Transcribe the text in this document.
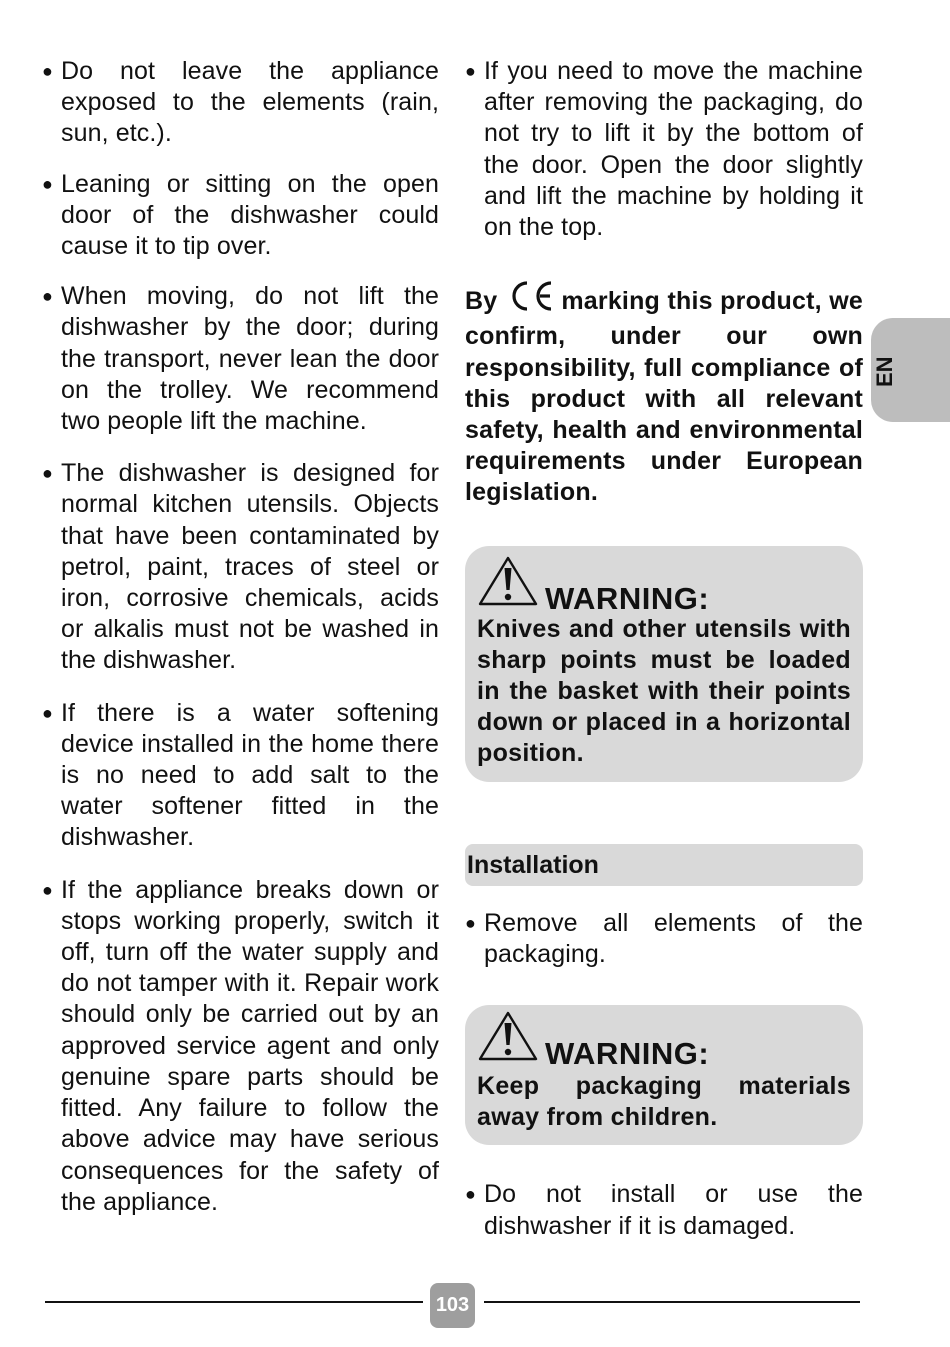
● Do not leave the appliance exposed to the elements (rain, sun, etc.).

● Leaning or sitting on the open door of the dishwasher could cause it to tip over.

● When moving, do not lift the dishwasher by the door; during the transport, never lean the door on the trolley. We recommend two people lift the machine.

● The dishwasher is designed for normal kitchen utensils. Objects that have been contaminated by petrol, paint, traces of steel or iron, corrosive chemicals, acids or alkalis must not be washed in the dishwasher.

● If there is a water softening device installed in the home there is no need to add salt to the water softener fitted in the dishwasher.

● If the appliance breaks down or stops working properly, switch it off, turn off the water supply and do not tamper with it. Repair work should only be carried out by an approved service agent and only genuine spare parts should be fitted. Any failure to follow the above advice may have serious consequences for the safety of the appliance.

● If you need to move the machine after removing the packaging, do not try to lift it by the bottom of the door. Open the door slightly and lift the machine by holding it on the top.

By	marking this product, we confirm, under our own responsibility, full compliance of this product with all relevant safety, health and environmental requirements under European legislation.
WARNING:
Knives and other utensils with sharp points must be loaded in the basket with their points down or placed in a horizontal position.
Installation

● Remove all elements of the packaging.

WARNING:
Keep packaging materials away from children.

● Do not install or use the dishwasher if it is damaged.

EN
103
